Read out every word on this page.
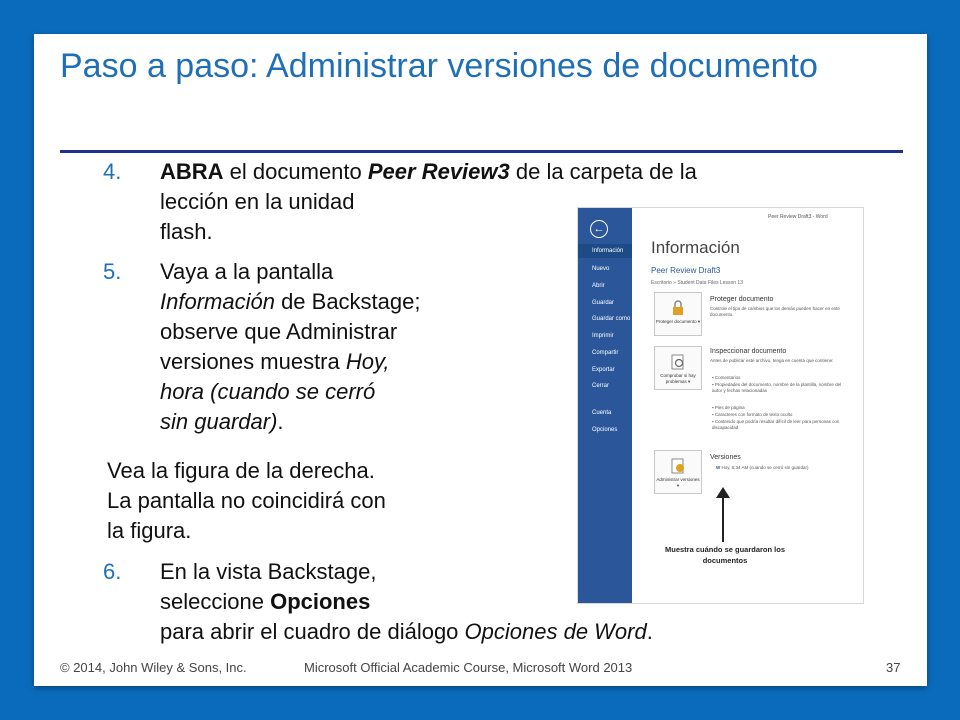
Paso a paso: Administrar versiones de documento
4. ABRA el documento Peer Review3 de la carpeta de la
lección en la unidad
flash.
5. Vaya a la pantalla
Información de Backstage;
observe que Administrar
versiones muestra Hoy,
hora (cuando se cerró
sin guardar).
Vea la figura de la derecha.
La pantalla no coincidirá con
la figura.
6. En la vista Backstage,
seleccione Opciones
para abrir el cuadro de diálogo Opciones de Word.
←
Información
Nuevo
Abrir
Guardar
Guardar como
Imprimir
Compartir
Exportar
Cerrar
Cuenta
Opciones
Peer Review Draft3 - Word
Información
Peer Review Draft3
Escritorio » Student Data Files Lesson 13
Proteger documento ▾
Proteger documento
Controle el tipo de cambios que los demás pueden hacer en este documento.
Comprobar si hay problemas ▾
Inspeccionar documento
Antes de publicar este archivo, tenga en cuenta que contiene:
▪ Comentarios
▪ Propiedades del documento, nombre de la plantilla, nombre del autor y fechas relacionadas
▪ Pies de página
▪ Caracteres con formato de texto oculto
▪ Contenido que podría resultar difícil de leer para personas con discapacidad
Administrar versiones ▾
Versiones
W Hoy, 6:34 AM (cuando se cerró sin guardar)
Muestra cuándo se guardaron los documentos
© 2014, John Wiley & Sons, Inc.	Microsoft Official Academic Course, Microsoft Word 2013	37
